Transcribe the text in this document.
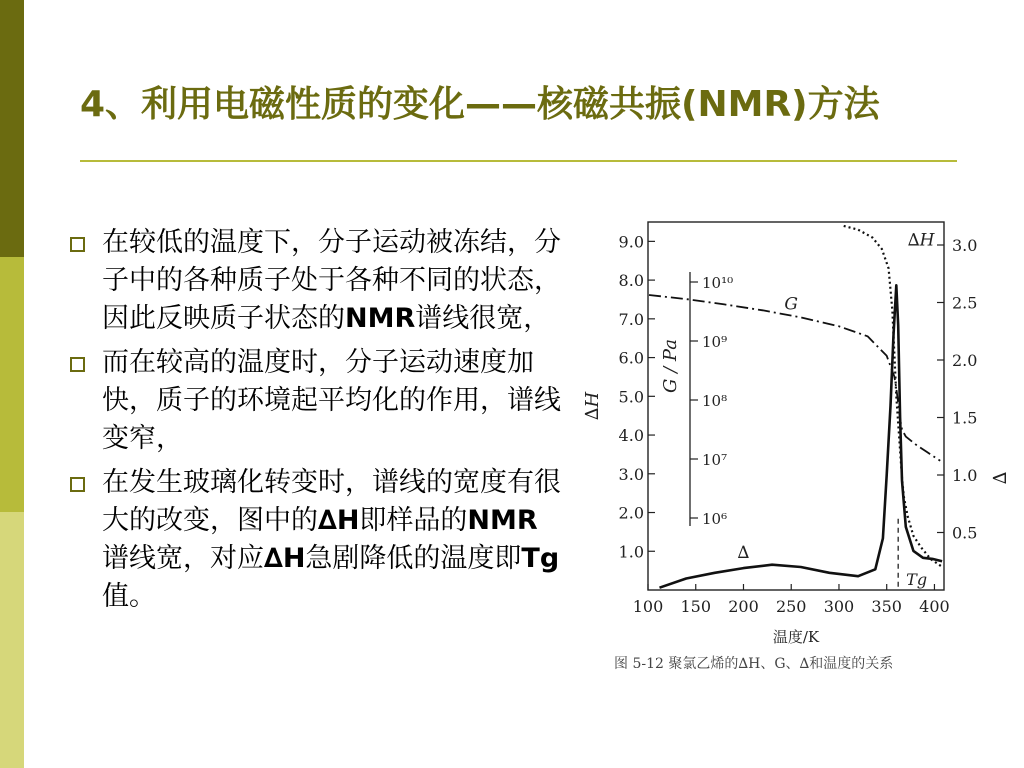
4、利用电磁性质的变化——核磁共振(NMR)方法
在较低的温度下，分子运动被冻结，分子中的各种质子处于各种不同的状态，因此反映质子状态的NMR谱线很宽，
而在较高的温度时，分子运动速度加快，质子的环境起平均化的作用，谱线变窄，
在发生玻璃化转变时，谱线的宽度有很大的改变，图中的∆H即样品的NMR谱线宽，对应∆H急剧降低的温度即Tg值。
1.0
2.0
3.0
4.0
5.0
6.0
7.0
8.0
9.0
∆H
10¹⁰
10⁹
10⁸
10⁷
10⁶
G / Pa
0.5
1.0
1.5
2.0
2.5
3.0
∆
100 150 200 250 300 350 400
温度/K
∆H
G
∆
Tg
图 5-12 聚氯乙烯的∆H、G、∆和温度的关系
